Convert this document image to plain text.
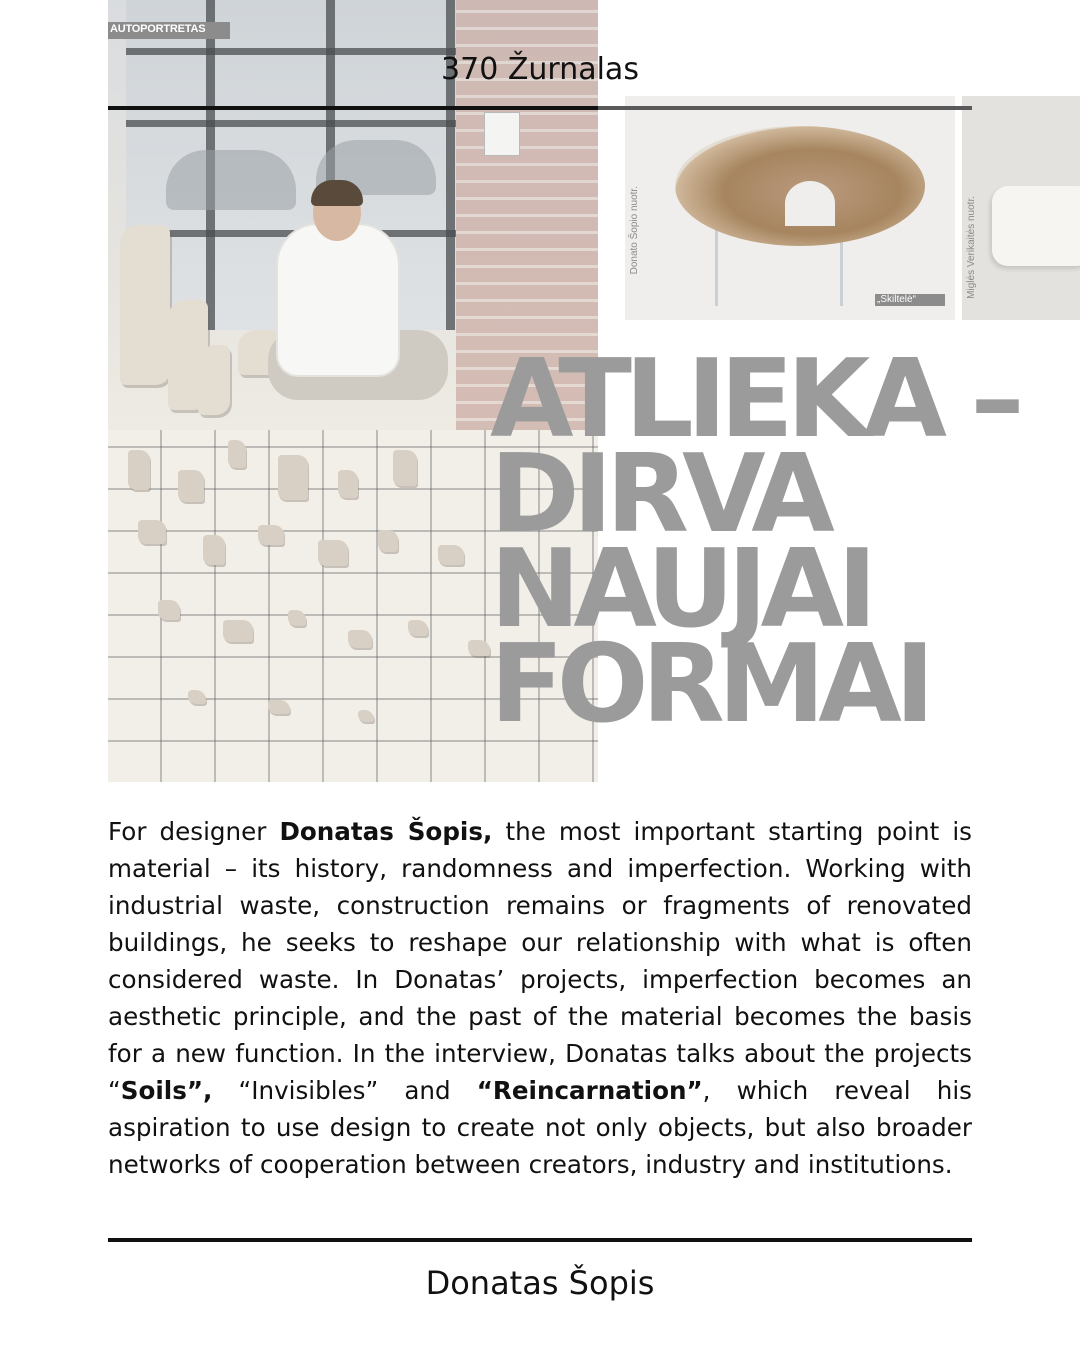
AUTOPORTRETAS
„Skiltelė“
Donato Šopio nuotr.	Miglės Verikaitės nuotr.
ATLIEKA –
DIRVA
NAUJAI
FORMAI
370 Žurnalas

For designer Donatas Šopis, the most important starting point is material – its history, randomness and imperfection. Working with industrial waste, construction remains or fragments of renovated buildings, he seeks to reshape our relationship with what is often considered waste. In Donatas’ projects, imperfection becomes an aesthetic principle, and the past of the material becomes the basis for a new function. In the interview, Donatas talks about the projects “Soils”, “Invisibles” and “Reincarnation”, which reveal his aspiration to use design to create not only objects, but also broader networks of cooperation between creators, industry and institutions.

Donatas Šopis
